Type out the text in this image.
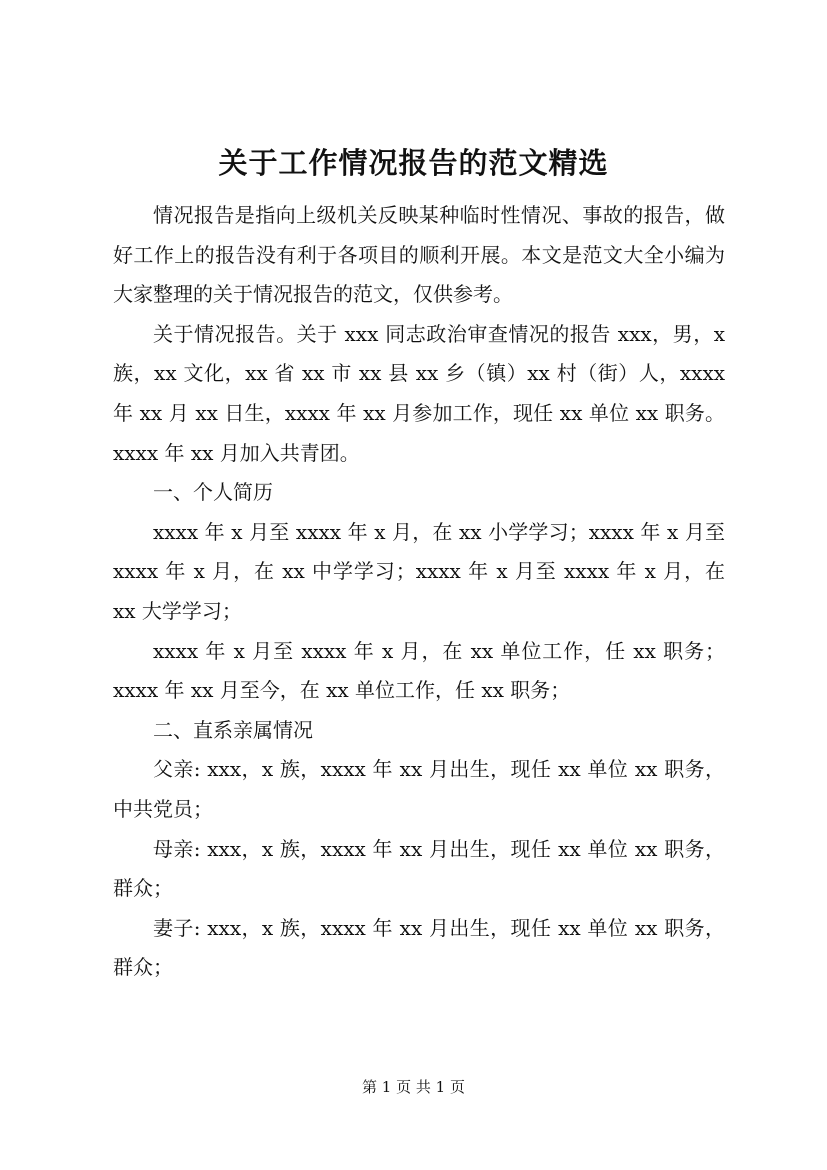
关于工作情况报告的范文精选

情况报告是指向上级机关反映某种临时性情况、事故的报告，做好工作上的报告没有利于各项目的顺利开展。本文是范文大全小编为大家整理的关于情况报告的范文，仅供参考。

关于情况报告。关于 xxx 同志政治审查情况的报告 xxx，男，x 族，xx 文化，xx 省 xx 市 xx 县 xx 乡（镇）xx 村（街）人，xxxx 年 xx 月 xx 日生，xxxx 年 xx 月参加工作，现任 xx 单位 xx 职务。xxxx 年 xx 月加入共青团。

一、个人简历

xxxx 年 x 月至 xxxx 年 x 月，在 xx 小学学习；xxxx 年 x 月至 xxxx 年 x 月，在 xx 中学学习；xxxx 年 x 月至 xxxx 年 x 月，在 xx 大学学习；

xxxx 年 x 月至 xxxx 年 x 月，在 xx 单位工作，任 xx 职务；xxxx 年 xx 月至今，在 xx 单位工作，任 xx 职务；

二、直系亲属情况

父亲: xxx，x 族，xxxx 年 xx 月出生，现任 xx 单位 xx 职务，中共党员；

母亲: xxx，x 族，xxxx 年 xx 月出生，现任 xx 单位 xx 职务，群众；

妻子: xxx，x 族，xxxx 年 xx 月出生，现任 xx 单位 xx 职务，群众；

第 1 页 共 1 页
